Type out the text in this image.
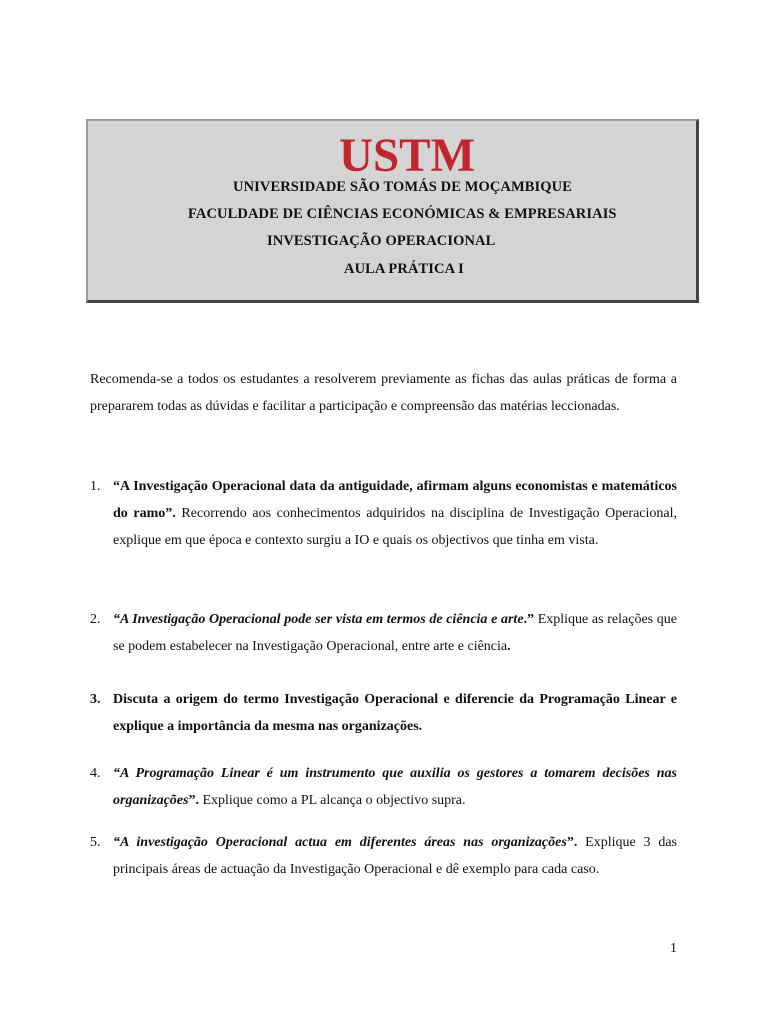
USTM
UNIVERSIDADE SÃO TOMÁS DE MOÇAMBIQUE
FACULDADE DE CIÊNCIAS ECONÓMICAS & EMPRESARIAIS
INVESTIGAÇÃO OPERACIONAL
AULA PRÁTICA I
Recomenda-se a todos os estudantes a resolverem previamente as fichas das aulas práticas de forma a prepararem todas as dúvidas e facilitar a participação e compreensão das matérias leccionadas.
1. “A Investigação Operacional data da antiguidade, afirmam alguns economistas e matemáticos do ramo”. Recorrendo aos conhecimentos adquiridos na disciplina de Investigação Operacional, explique em que época e contexto surgiu a IO e quais os objectivos que tinha em vista.
2. “A Investigação Operacional pode ser vista em termos de ciência e arte.” Explique as relações que se podem estabelecer na Investigação Operacional, entre arte e ciência.
3. Discuta a origem do termo Investigação Operacional e diferencie da Programação Linear e explique a importância da mesma nas organizações.
4. “A Programação Linear é um instrumento que auxilia os gestores a tomarem decisões nas organizações”. Explique como a PL alcança o objectivo supra.
5. “A investigação Operacional actua em diferentes áreas nas organizações”. Explique 3 das principais áreas de actuação da Investigação Operacional e dê exemplo para cada caso.
1
